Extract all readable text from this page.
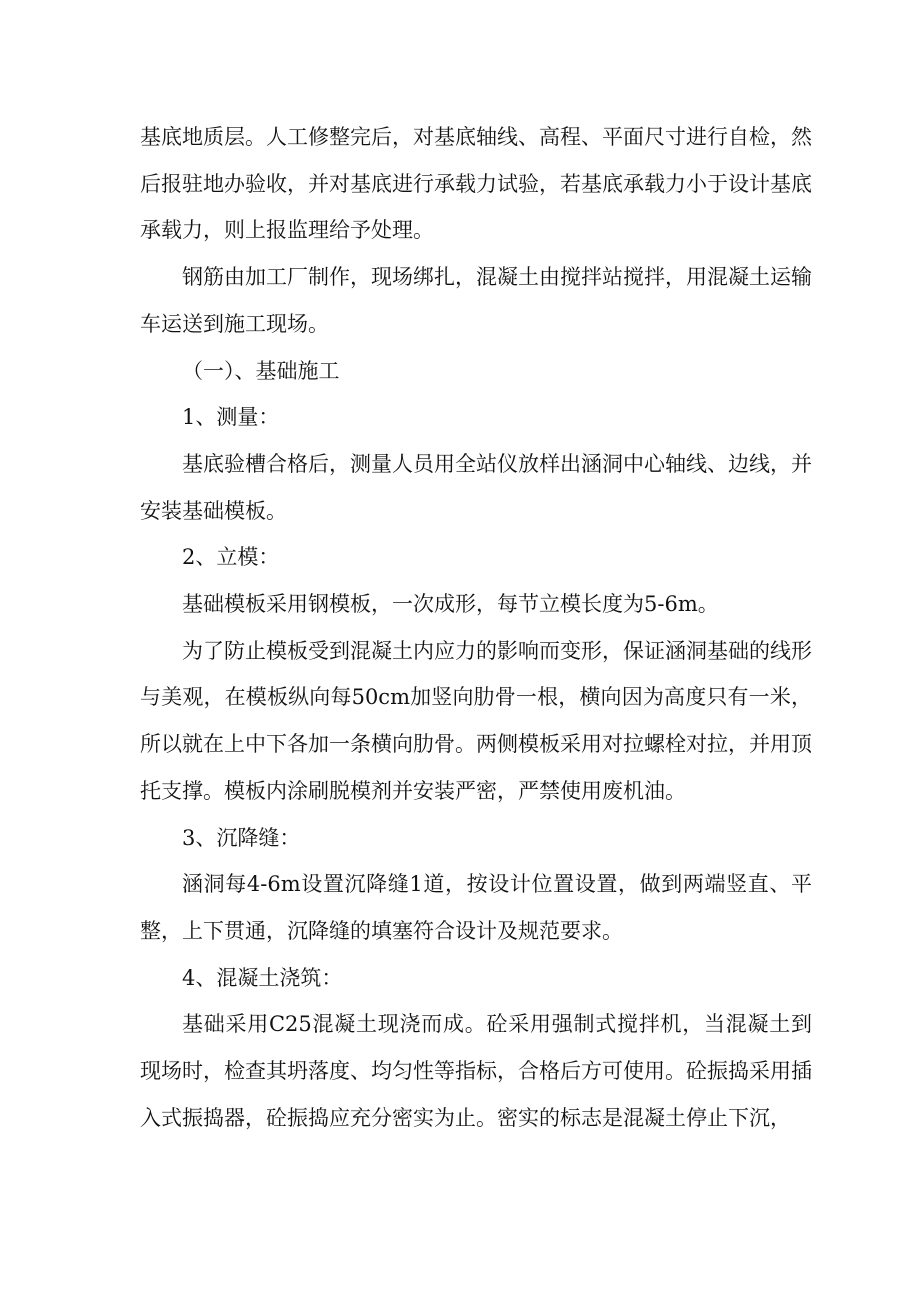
基底地质层。人工修整完后，对基底轴线、高程、平面尺寸进行自检，然后报驻地办验收，并对基底进行承载力试验，若基底承载力小于设计基底承载力，则上报监理给予处理。

钢筋由加工厂制作，现场绑扎，混凝土由搅拌站搅拌，用混凝土运输车运送到施工现场。

（一）、基础施工

1、测量：

基底验槽合格后，测量人员用全站仪放样出涵洞中心轴线、边线，并安装基础模板。

2、立模：

基础模板采用钢模板，一次成形，每节立模长度为5-6m。

为了防止模板受到混凝土内应力的影响而变形，保证涵洞基础的线形与美观，在模板纵向每50cm加竖向肋骨一根，横向因为高度只有一米，所以就在上中下各加一条横向肋骨。两侧模板采用对拉螺栓对拉，并用顶托支撑。模板内涂刷脱模剂并安装严密，严禁使用废机油。

3、沉降缝：

涵洞每4-6m设置沉降缝1道，按设计位置设置，做到两端竖直、平整，上下贯通，沉降缝的填塞符合设计及规范要求。

4、混凝土浇筑：

基础采用C25混凝土现浇而成。砼采用强制式搅拌机，当混凝土到现场时，检查其坍落度、均匀性等指标，合格后方可使用。砼振捣采用插入式振捣器，砼振捣应充分密实为止。密实的标志是混凝土停止下沉，
